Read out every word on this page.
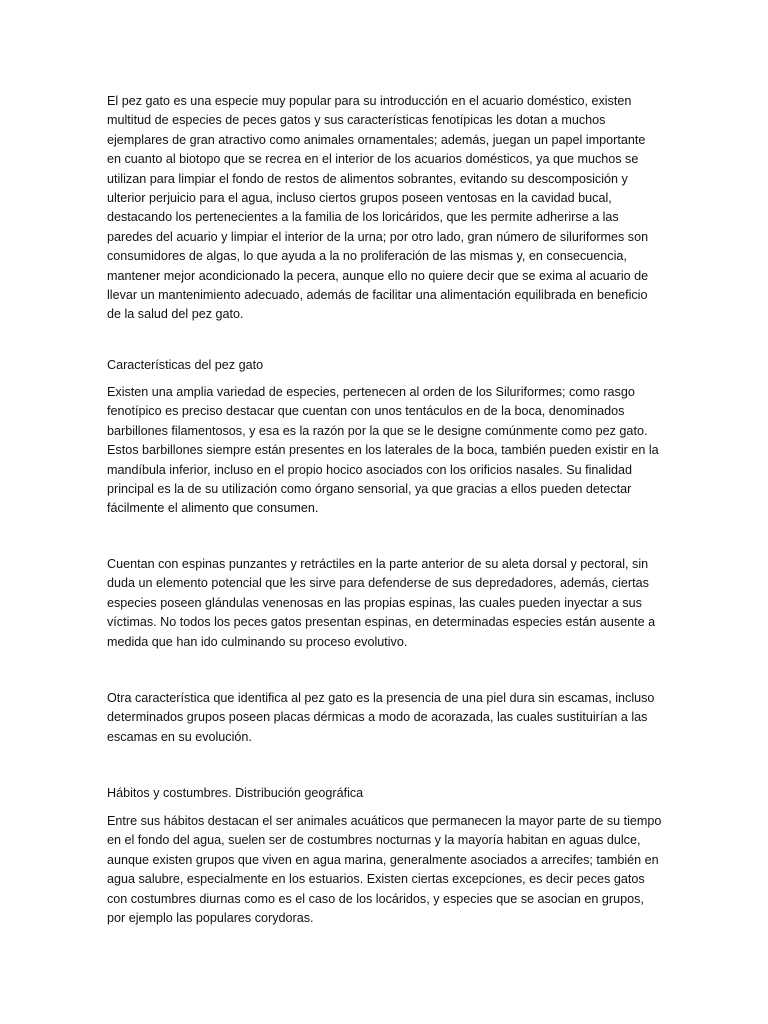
El pez gato es una especie muy popular para su introducción en el acuario doméstico, existen multitud de especies de peces gatos y sus características fenotípicas les dotan a muchos ejemplares de gran atractivo como animales ornamentales; además, juegan un papel importante en cuanto al biotopo que se recrea en el interior de los acuarios domésticos, ya que muchos se utilizan para limpiar el fondo de restos de alimentos sobrantes, evitando su descomposición y ulterior perjuicio para el agua, incluso ciertos grupos poseen ventosas en la cavidad bucal, destacando los pertenecientes a la familia de los loricáridos, que les permite adherirse a las paredes del acuario y limpiar el interior de la urna; por otro lado, gran número de siluriformes son consumidores de algas, lo que ayuda a la no proliferación de las mismas y, en consecuencia, mantener mejor acondicionado la pecera, aunque ello no quiere decir que se exima al acuario de llevar un mantenimiento adecuado, además de facilitar una alimentación equilibrada en beneficio de la salud del pez gato.

Características del pez gato

Existen una amplia variedad de especies, pertenecen al orden de los Siluriformes; como rasgo fenotípico es preciso destacar que cuentan con unos tentáculos en de la boca, denominados barbillones filamentosos, y esa es la razón por la que se le designe comúnmente como pez gato. Estos barbillones siempre están presentes en los laterales de la boca, también pueden existir en la mandíbula inferior, incluso en el propio hocico asociados con los orificios nasales. Su finalidad principal es la de su utilización como órgano sensorial, ya que gracias a ellos pueden detectar fácilmente el alimento que consumen.

Cuentan con espinas punzantes y retráctiles en la parte anterior de su aleta dorsal y pectoral, sin duda un elemento potencial que les sirve para defenderse de sus depredadores, además, ciertas especies poseen glándulas venenosas en las propias espinas, las cuales pueden inyectar a sus víctimas. No todos los peces gatos presentan espinas, en determinadas especies están ausente a medida que han ido culminando su proceso evolutivo.

Otra característica que identifica al pez gato es la presencia de una piel dura sin escamas, incluso determinados grupos poseen placas dérmicas a modo de acorazada, las cuales sustituirían a las escamas en su evolución.

Hábitos y costumbres. Distribución geográfica

Entre sus hábitos destacan el ser animales acuáticos que permanecen la mayor parte de su tiempo en el fondo del agua, suelen ser de costumbres nocturnas y la mayoría habitan en aguas dulce, aunque existen grupos que viven en agua marina, generalmente asociados a arrecifes; también en agua salubre, especialmente en los estuarios. Existen ciertas excepciones, es decir peces gatos con costumbres diurnas como es el caso de los locáridos, y especies que se asocian en grupos, por ejemplo las populares corydoras.
